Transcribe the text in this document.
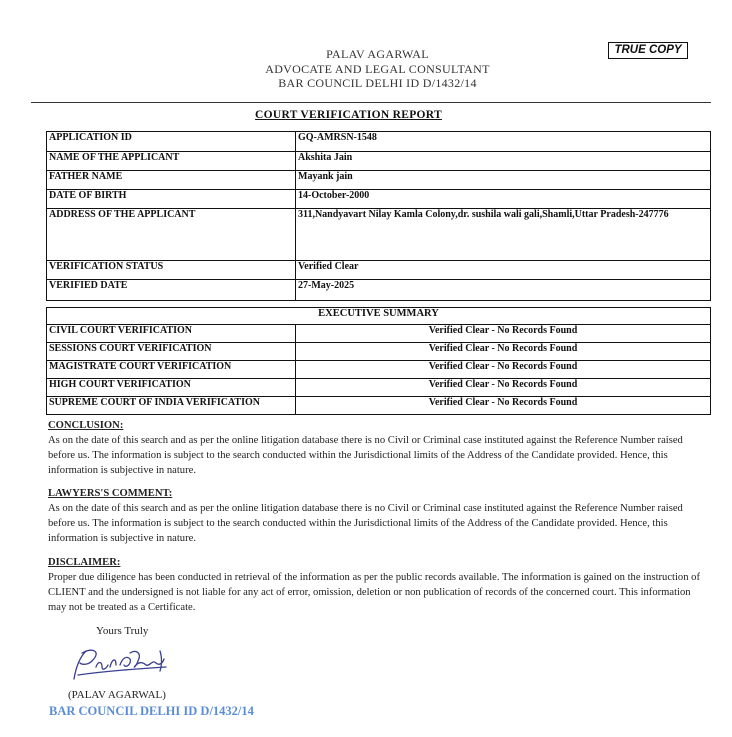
PALAV AGARWAL
ADVOCATE AND LEGAL CONSULTANT
BAR COUNCIL DELHI ID D/1432/14
TRUE COPY
COURT VERIFICATION REPORT
APPLICATION ID	GQ-AMRSN-1548
NAME OF THE APPLICANT	Akshita Jain
FATHER NAME	Mayank jain
DATE OF BIRTH	14-October-2000
ADDRESS OF THE APPLICANT	311,Nandyavart Nilay Kamla Colony,dr. sushila wali gali,Shamli,Uttar Pradesh-247776
VERIFICATION STATUS	Verified Clear
VERIFIED DATE	27-May-2025
EXECUTIVE SUMMARY	
CIVIL COURT VERIFICATION	Verified Clear - No Records Found
SESSIONS COURT VERIFICATION	Verified Clear - No Records Found
MAGISTRATE COURT VERIFICATION	Verified Clear - No Records Found
HIGH COURT VERIFICATION	Verified Clear - No Records Found
SUPREME COURT OF INDIA VERIFICATION	Verified Clear - No Records Found
CONCLUSION:
As on the date of this search and as per the online litigation database there is no Civil or Criminal case instituted against the Reference Number raised before us. The information is subject to the search conducted within the Jurisdictional limits of the Address of the Candidate provided. Hence, this information is subjective in nature.
LAWYERS'S COMMENT:
As on the date of this search and as per the online litigation database there is no Civil or Criminal case instituted against the Reference Number raised before us. The information is subject to the search conducted within the Jurisdictional limits of the Address of the Candidate provided. Hence, this information is subjective in nature.
DISCLAIMER:
Proper due diligence has been conducted in retrieval of the information as per the public records available. The information is gained on the instruction of CLIENT and the undersigned is not liable for any act of error, omission, deletion or non publication of records of the concerned court. This information may not be treated as a Certificate.
Yours Truly
(PALAV AGARWAL)
BAR COUNCIL DELHI ID D/1432/14
